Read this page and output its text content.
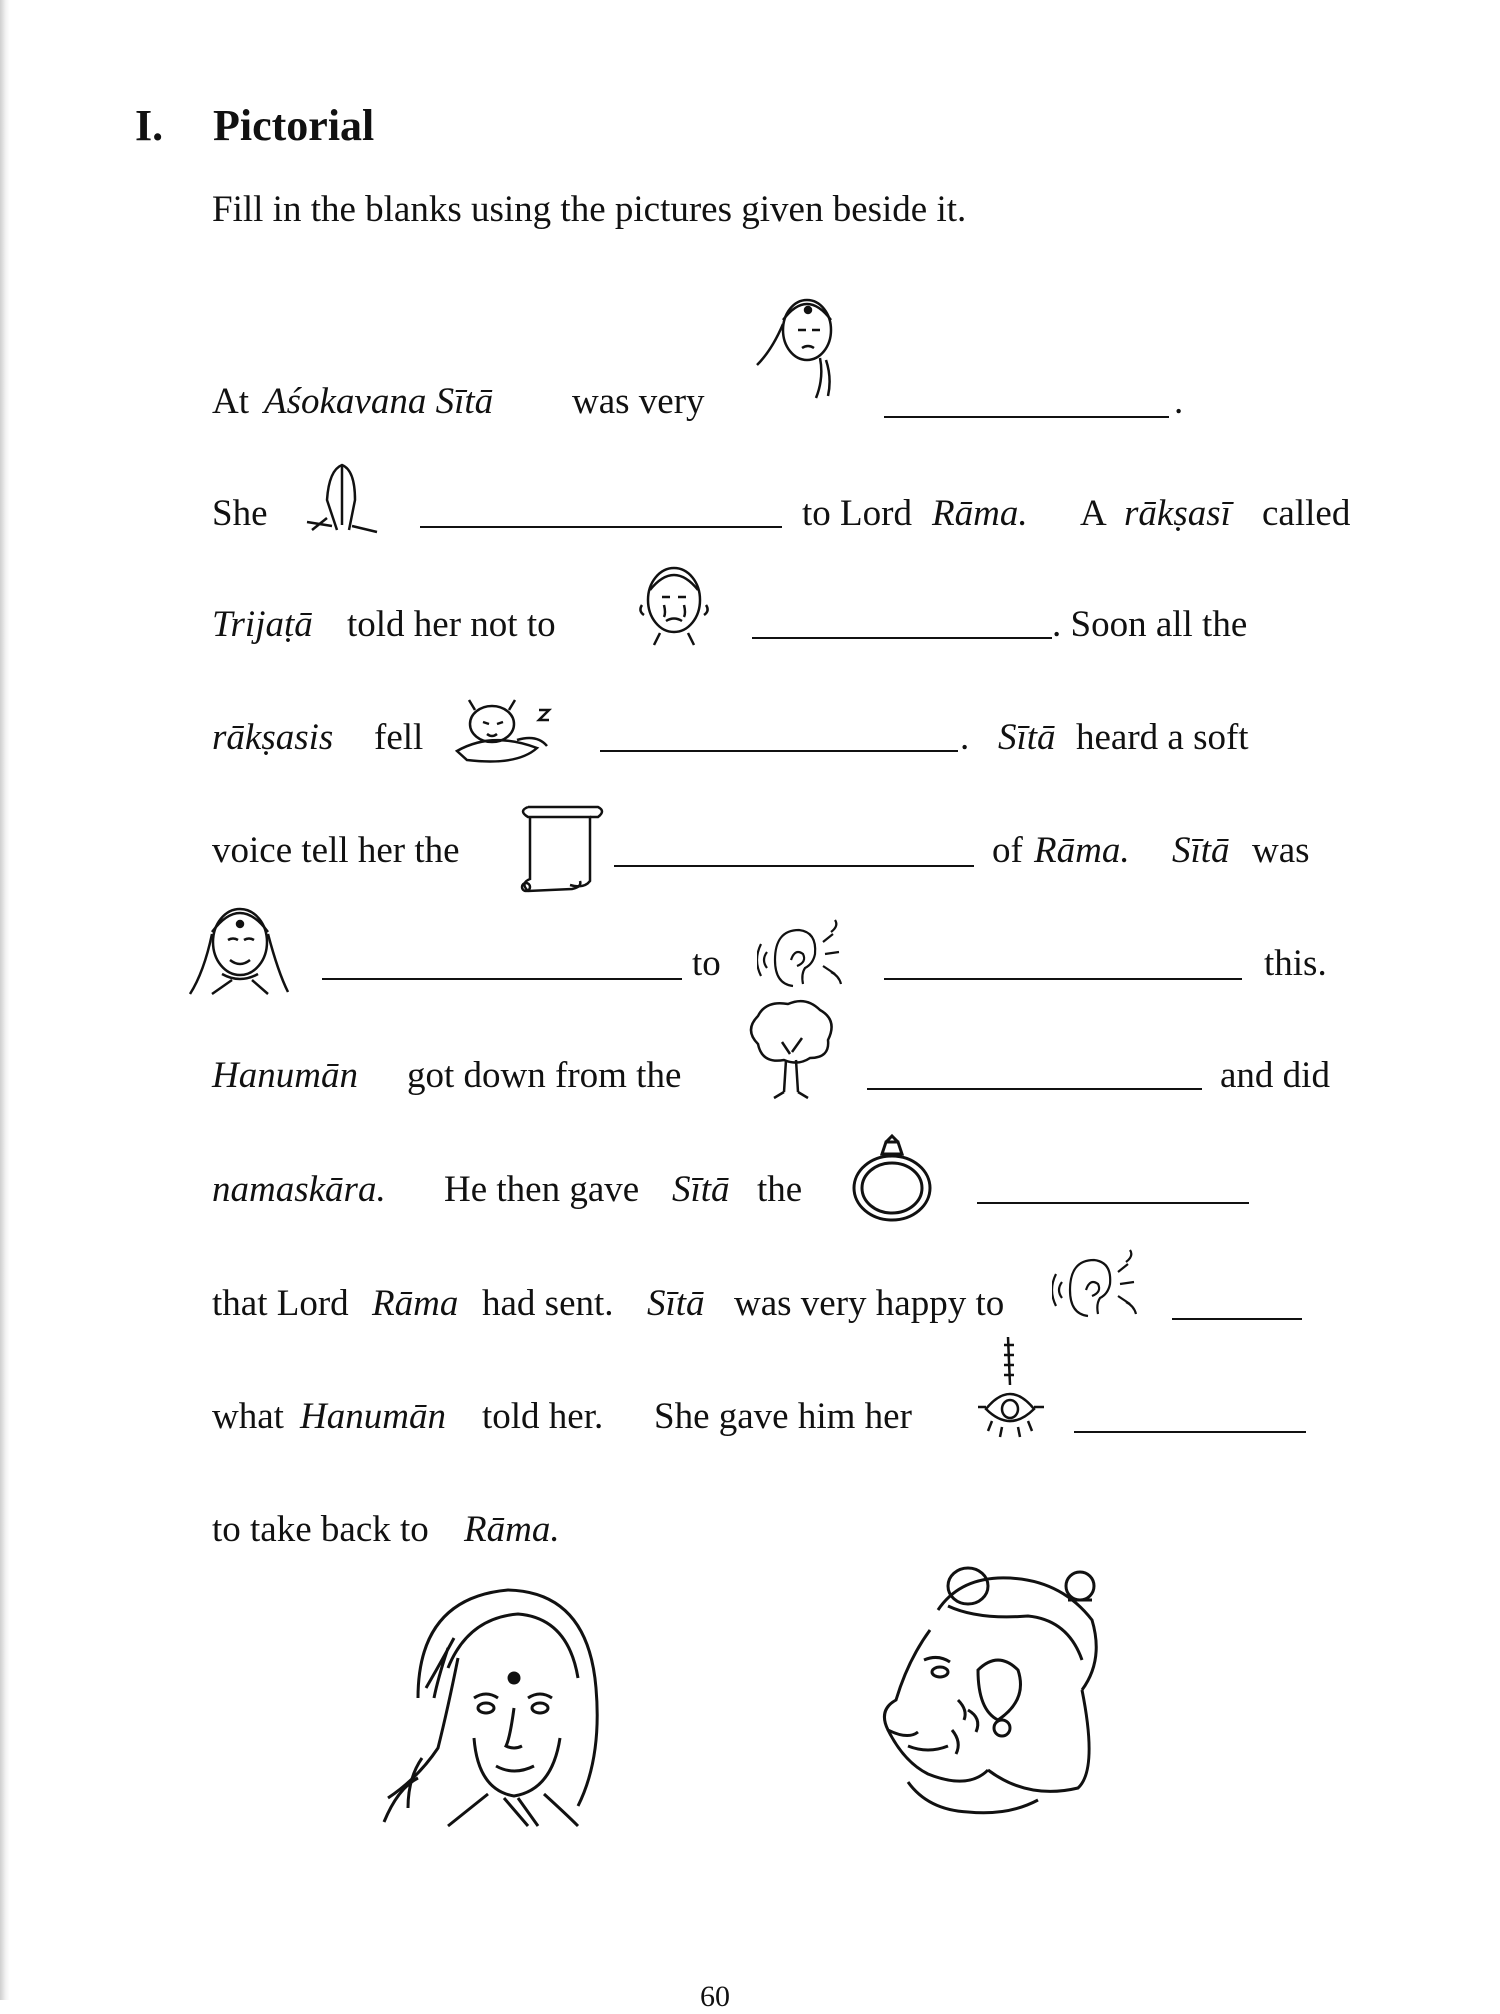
I. Pictorial
Fill in the blanks using the pictures given beside it.
At Aśokavana Sītā was very	.
She	to Lord Rāma. A rākṣasī called
Trijaṭā told her not to	. Soon all the
rākṣasis fell	. Sītā heard a soft
voice tell her the	of Rāma. Sītā was
to	this.
Hanumān got down from the	and did
namaskāra. He then gave Sītā the
that Lord Rāma had sent. Sītā was very happy to
what Hanumān told her. She gave him her
to take back to Rāma.
60
